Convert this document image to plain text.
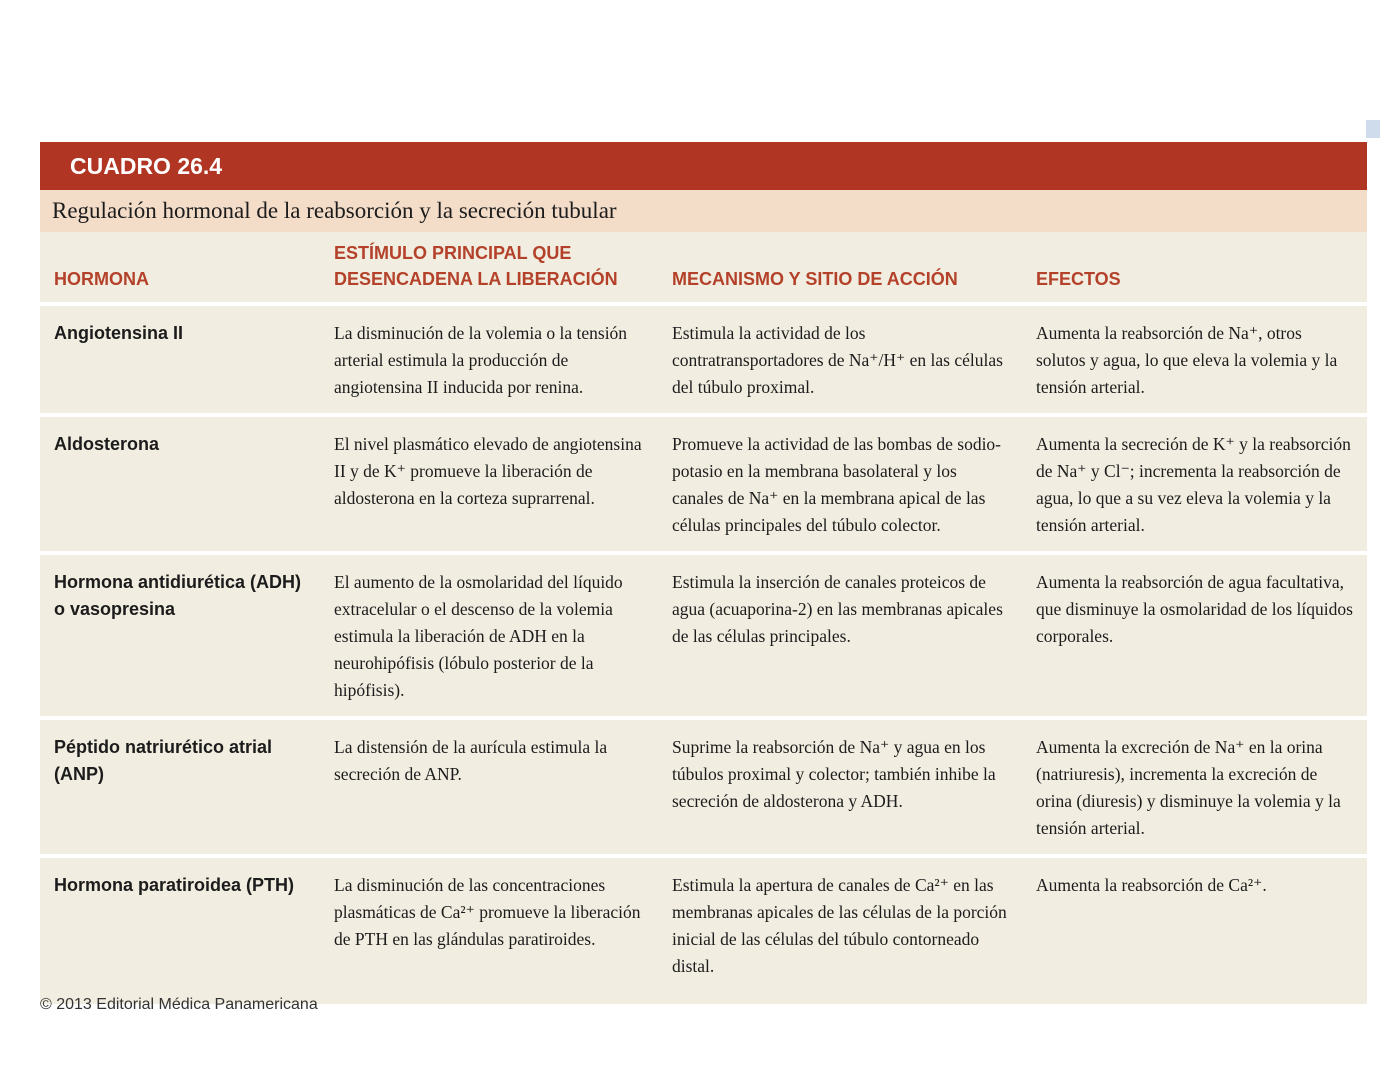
CUADRO 26.4
Regulación hormonal de la reabsorción y la secreción tubular
HORMONA	ESTÍMULO PRINCIPAL QUE DESENCADENA LA LIBERACIÓN	MECANISMO Y SITIO DE ACCIÓN	EFECTOS
Angiotensina II	La disminución de la volemia o la tensión arterial estimula la producción de angiotensina II inducida por renina.	Estimula la actividad de los contratransportadores de Na⁺/H⁺ en las células del túbulo proximal.	Aumenta la reabsorción de Na⁺, otros solutos y agua, lo que eleva la volemia y la tensión arterial.
Aldosterona	El nivel plasmático elevado de angiotensina II y de K⁺ promueve la liberación de aldosterona en la corteza suprarrenal.	Promueve la actividad de las bombas de sodio-potasio en la membrana basolateral y los canales de Na⁺ en la membrana apical de las células principales del túbulo colector.	Aumenta la secreción de K⁺ y la reabsorción de Na⁺ y Cl⁻; incrementa la reabsorción de agua, lo que a su vez eleva la volemia y la tensión arterial.
Hormona antidiurética (ADH) o vasopresina	El aumento de la osmolaridad del líquido extracelular o el descenso de la volemia estimula la liberación de ADH en la neurohipófisis (lóbulo posterior de la hipófisis).	Estimula la inserción de canales proteicos de agua (acuaporina-2) en las membranas apicales de las células principales.	Aumenta la reabsorción de agua facultativa, que disminuye la osmolaridad de los líquidos corporales.
Péptido natriurético atrial (ANP)	La distensión de la aurícula estimula la secreción de ANP.	Suprime la reabsorción de Na⁺ y agua en los túbulos proximal y colector; también inhibe la secreción de aldosterona y ADH.	Aumenta la excreción de Na⁺ en la orina (natriuresis), incrementa la excreción de orina (diuresis) y disminuye la volemia y la tensión arterial.
Hormona paratiroidea (PTH)	La disminución de las concentraciones plasmáticas de Ca²⁺ promueve la liberación de PTH en las glándulas paratiroides.	Estimula la apertura de canales de Ca²⁺ en las membranas apicales de las células de la porción inicial de las células del túbulo contorneado distal.	Aumenta la reabsorción de Ca²⁺.
© 2013 Editorial Médica Panamericana
